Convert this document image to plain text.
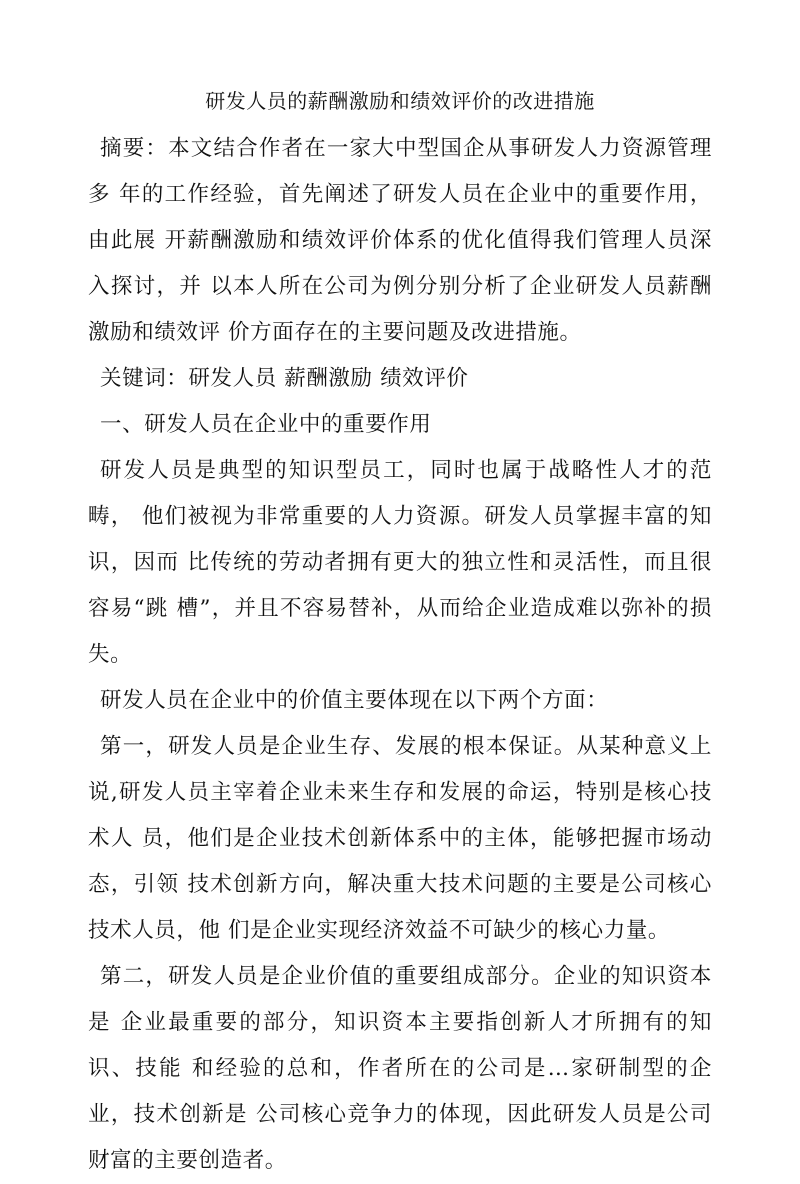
研发人员的薪酬激励和绩效评价的改进措施

摘要：本文结合作者在一家大中型国企从事研发人力资源管理多 年的工作经验，首先阐述了研发人员在企业中的重要作用，由此展 开薪酬激励和绩效评价体系的优化值得我们管理人员深入探讨，并 以本人所在公司为例分别分析了企业研发人员薪酬激励和绩效评 价方面存在的主要问题及改进措施。

关键词：研发人员 薪酬激励 绩效评价

一、研发人员在企业中的重要作用

研发人员是典型的知识型员工，同时也属于战略性人才的范畴， 他们被视为非常重要的人力资源。研发人员掌握丰富的知识，因而 比传统的劳动者拥有更大的独立性和灵活性，而且很容易“跳 槽”，并且不容易替补，从而给企业造成难以弥补的损失。

研发人员在企业中的价值主要体现在以下两个方面：

第一，研发人员是企业生存、发展的根本保证。从某种意义上说,研发人员主宰着企业未来生存和发展的命运，特别是核心技术人 员，他们是企业技术创新体系中的主体，能够把握市场动态，引领 技术创新方向，解决重大技术问题的主要是公司核心技术人员，他 们是企业实现经济效益不可缺少的核心力量。

第二，研发人员是企业价值的重要组成部分。企业的知识资本是 企业最重要的部分，知识资本主要指创新人才所拥有的知识、技能 和经验的总和，作者所在的公司是…家研制型的企业，技术创新是 公司核心竞争力的体现，因此研发人员是公司财富的主要创造者。
